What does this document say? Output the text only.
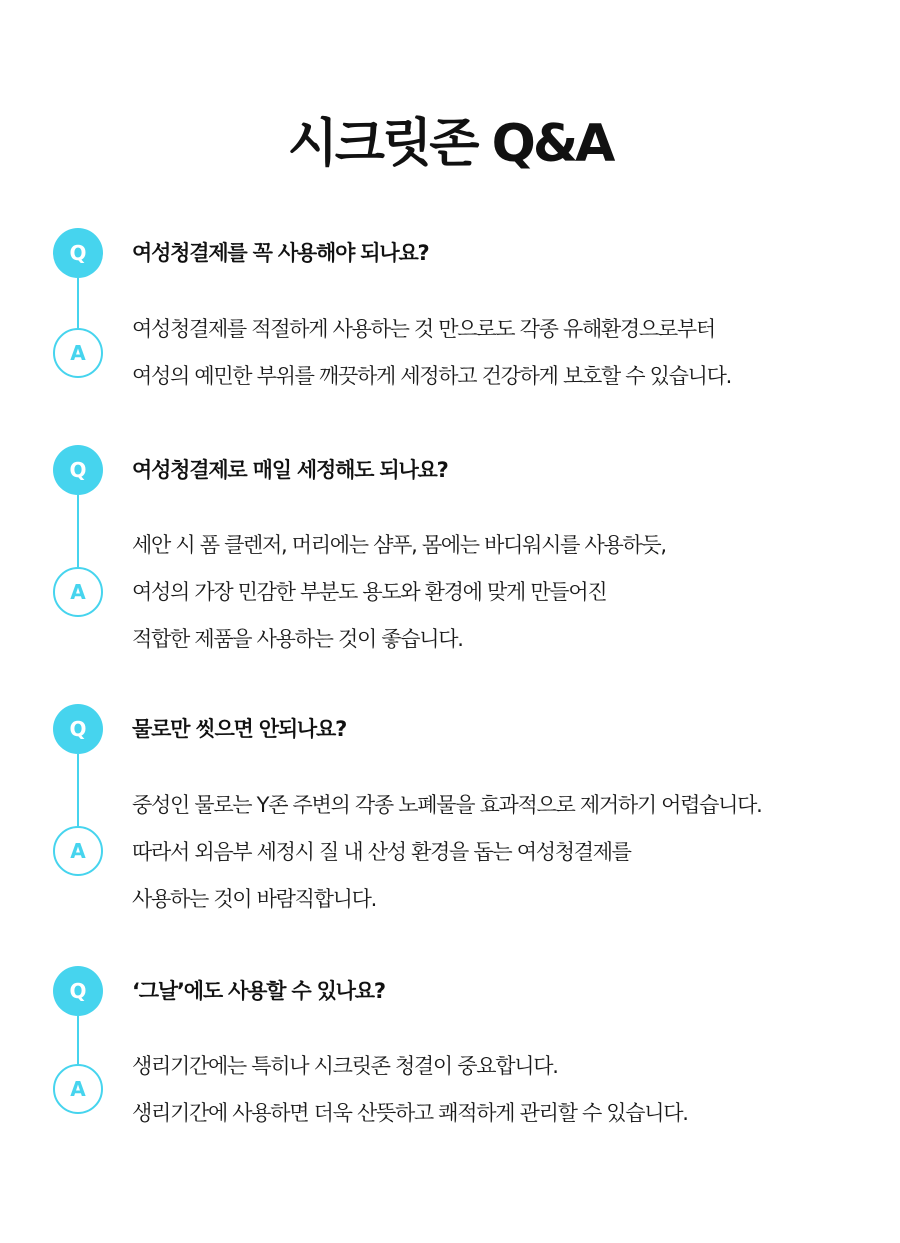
시크릿존 Q&A
Q
A
여성청결제를 꼭 사용해야 되나요?
여성청결제를 적절하게 사용하는 것 만으로도 각종 유해환경으로부터
여성의 예민한 부위를 깨끗하게 세정하고 건강하게 보호할 수 있습니다.
Q
A
여성청결제로 매일 세정해도 되나요?
세안 시 폼 클렌저, 머리에는 샴푸, 몸에는 바디워시를 사용하듯,
여성의 가장 민감한 부분도 용도와 환경에 맞게 만들어진
적합한 제품을 사용하는 것이 좋습니다.
Q
A
물로만 씻으면 안되나요?
중성인 물로는 Y존 주변의 각종 노폐물을 효과적으로 제거하기 어렵습니다.
따라서 외음부 세정시 질 내 산성 환경을 돕는 여성청결제를
사용하는 것이 바람직합니다.
Q
A
‘그날’에도 사용할 수 있나요?
생리기간에는 특히나 시크릿존 청결이 중요합니다.
생리기간에 사용하면 더욱 산뜻하고 쾌적하게 관리할 수 있습니다.
